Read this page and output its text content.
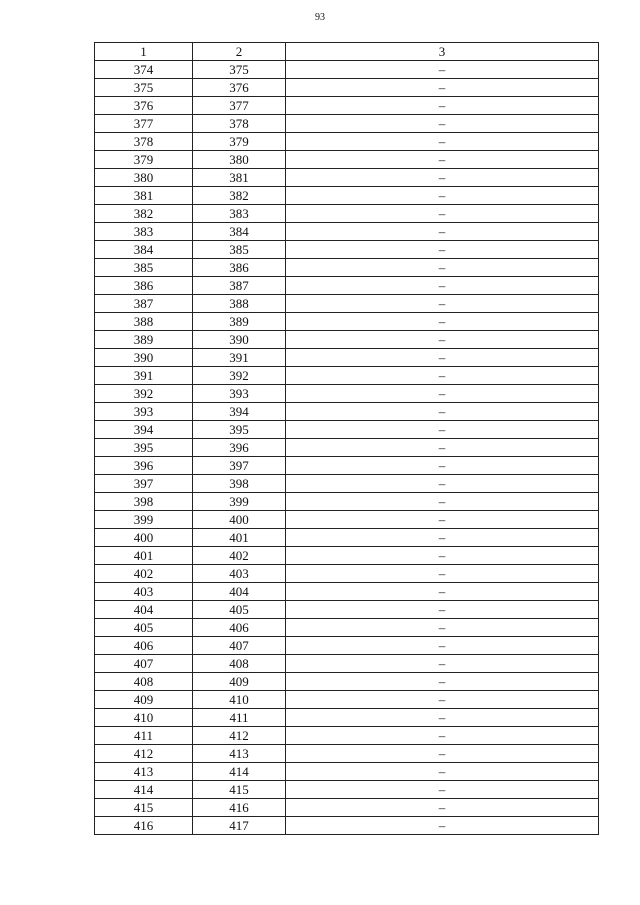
93
1	2	3
374	375	–
375	376	–
376	377	–
377	378	–
378	379	–
379	380	–
380	381	–
381	382	–
382	383	–
383	384	–
384	385	–
385	386	–
386	387	–
387	388	–
388	389	–
389	390	–
390	391	–
391	392	–
392	393	–
393	394	–
394	395	–
395	396	–
396	397	–
397	398	–
398	399	–
399	400	–
400	401	–
401	402	–
402	403	–
403	404	–
404	405	–
405	406	–
406	407	–
407	408	–
408	409	–
409	410	–
410	411	–
411	412	–
412	413	–
413	414	–
414	415	–
415	416	–
416	417	–
